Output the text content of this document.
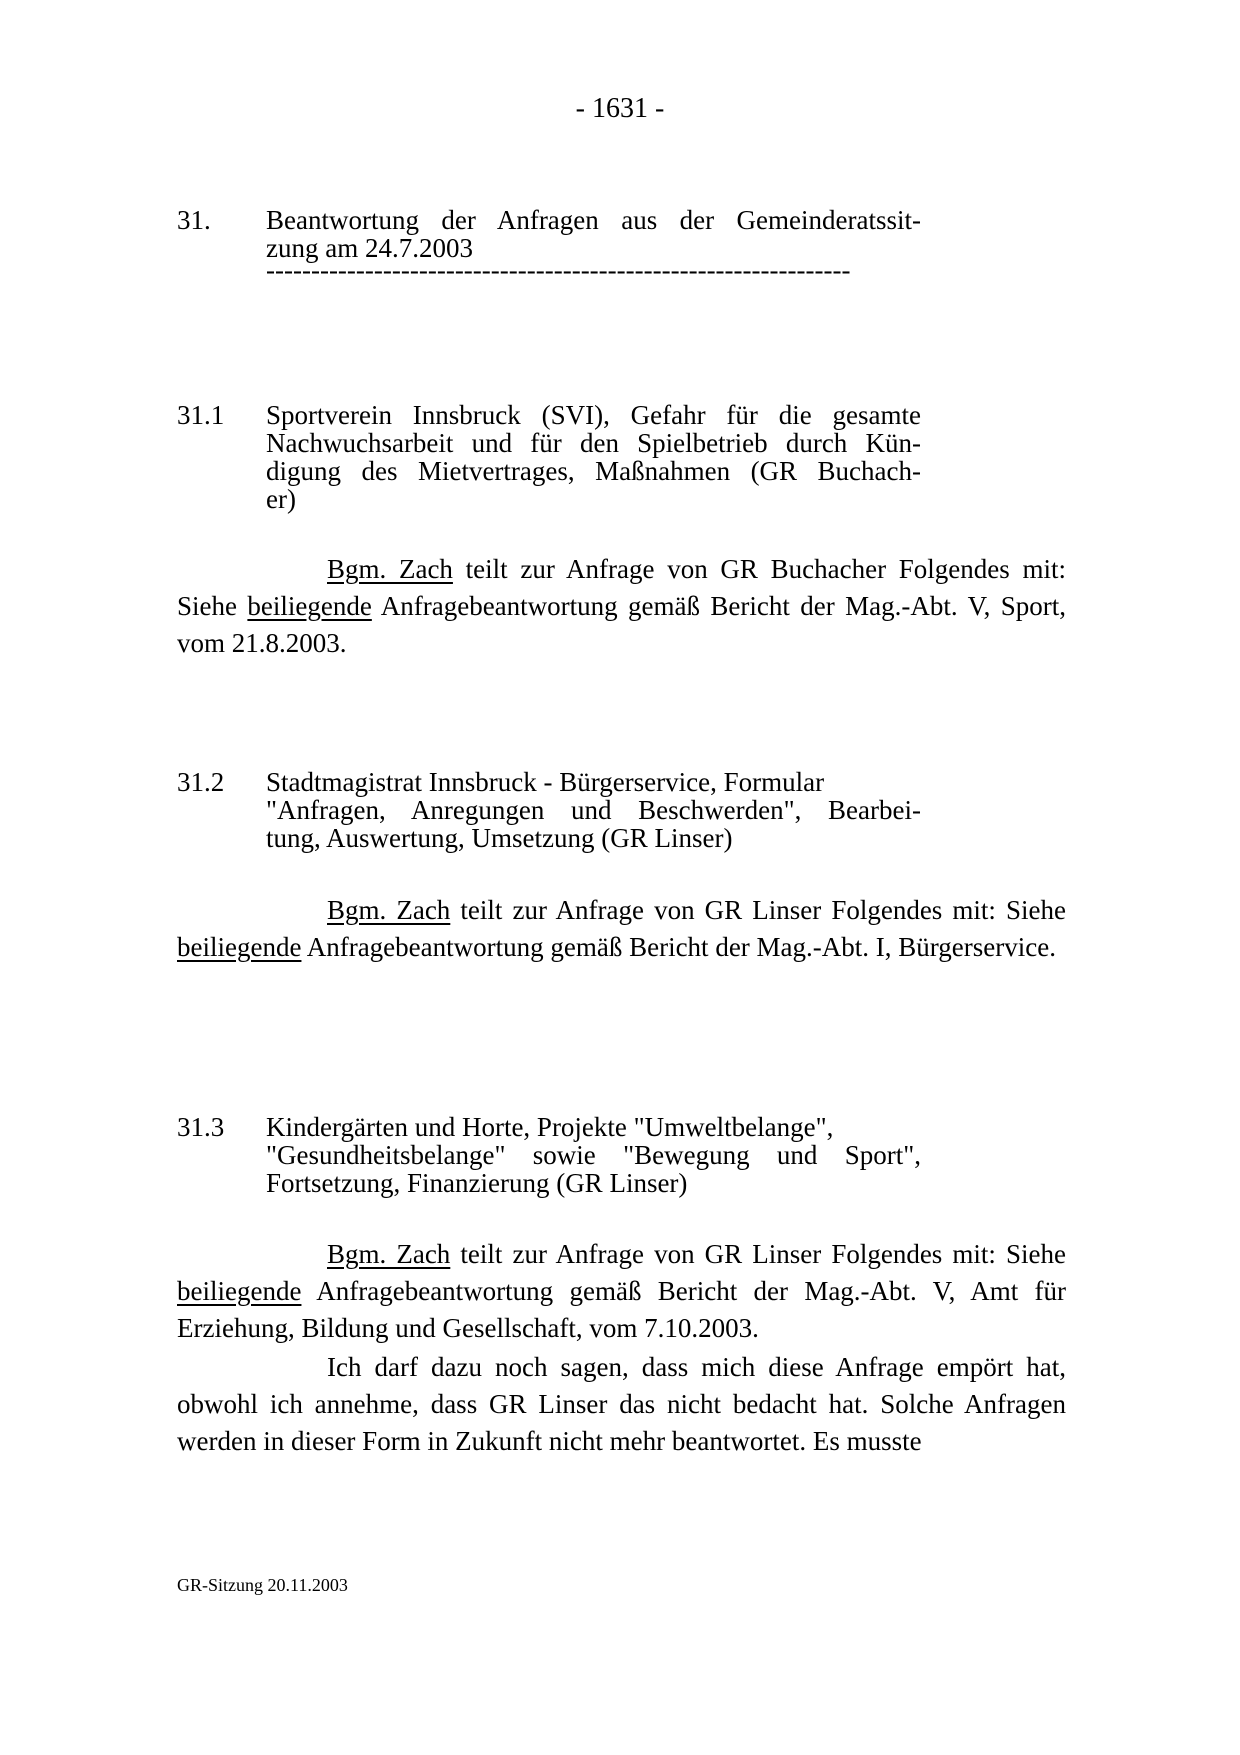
- 1631 -
31. Beantwortung der Anfragen aus der Gemeinderatssit-
zung am 24.7.2003
-----------------------------------------------------------------
31.1 Sportverein Innsbruck (SVI), Gefahr für die gesamte
Nachwuchsarbeit und für den Spielbetrieb durch Kün-
digung des Mietvertrages, Maßnahmen (GR Buchach-
er)

Bgm. Zach teilt zur Anfrage von GR Buchacher Folgendes mit: Siehe beiliegende Anfragebeantwortung gemäß Bericht der Mag.-Abt. V, Sport, vom 21.8.2003.

31.2 Stadtmagistrat Innsbruck - Bürgerservice, Formular
"Anfragen, Anregungen und Beschwerden", Bearbei-
tung, Auswertung, Umsetzung (GR Linser)

Bgm. Zach teilt zur Anfrage von GR Linser Folgendes mit: Siehe beiliegende Anfragebeantwortung gemäß Bericht der Mag.-Abt. I, Bürgerservice.

31.3 Kindergärten und Horte, Projekte "Umweltbelange",
"Gesundheitsbelange" sowie "Bewegung und Sport",
Fortsetzung, Finanzierung (GR Linser)

Bgm. Zach teilt zur Anfrage von GR Linser Folgendes mit: Siehe beiliegende Anfragebeantwortung gemäß Bericht der Mag.-Abt. V, Amt für Erziehung, Bildung und Gesellschaft, vom 7.10.2003.

Ich darf dazu noch sagen, dass mich diese Anfrage empört hat, obwohl ich annehme, dass GR Linser das nicht bedacht hat. Solche Anfragen werden in dieser Form in Zukunft nicht mehr beantwortet. Es musste

GR-Sitzung 20.11.2003
